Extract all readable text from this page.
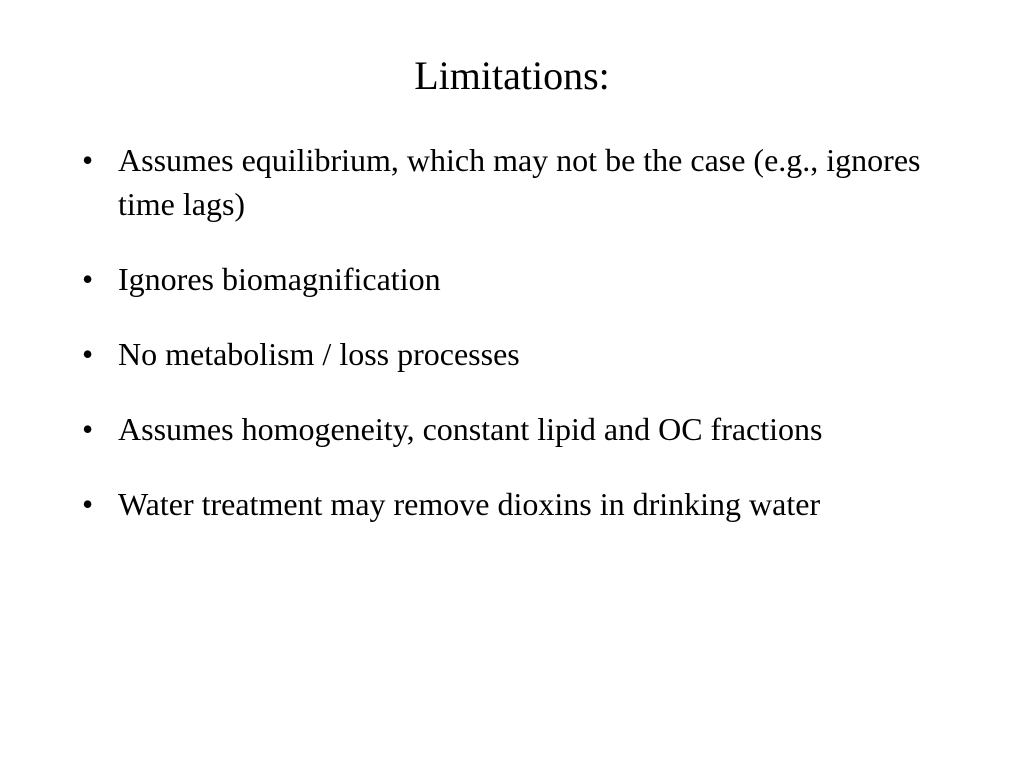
Limitations:
• Assumes equilibrium, which may not be the case (e.g., ignores time lags)
• Ignores biomagnification
• No metabolism / loss processes
• Assumes homogeneity, constant lipid and OC fractions
• Water treatment may remove dioxins in drinking water
